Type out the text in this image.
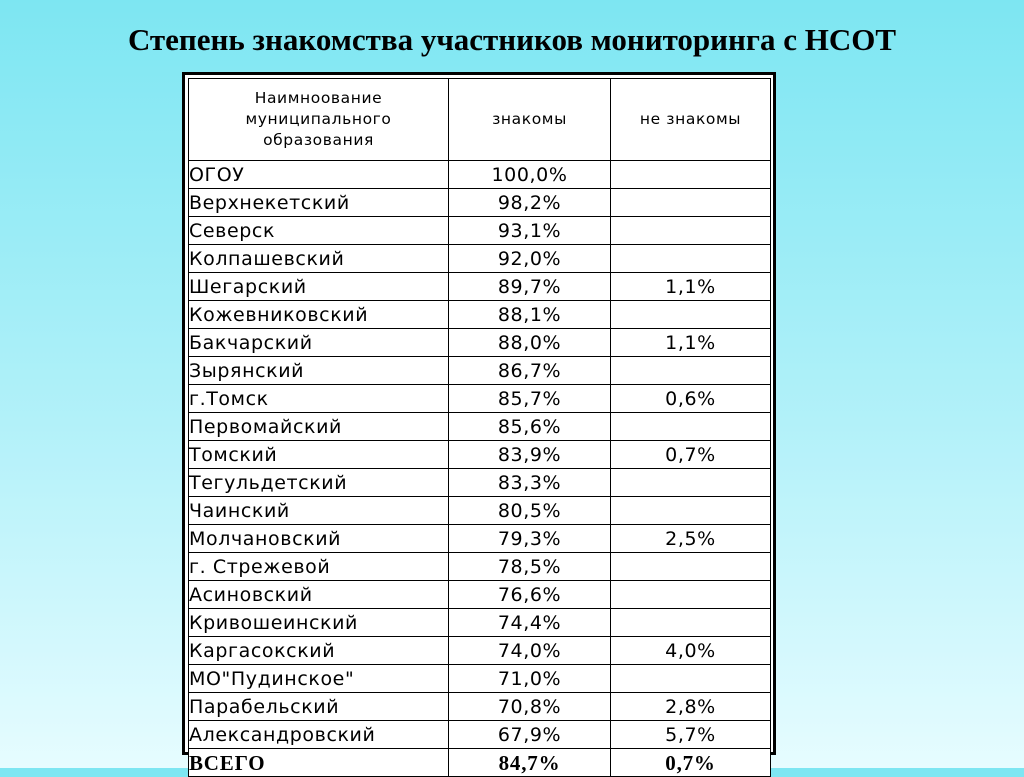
Степень знакомства участников мониторинга с НСОТ
Наимноование муниципального образования	знакомы	не знакомы
ОГОУ	100,0%	
Верхнекетский	98,2%	
Северск	93,1%	
Колпашевский	92,0%	
Шегарский	89,7%	1,1%
Кожевниковский	88,1%	
Бакчарский	88,0%	1,1%
Зырянский	86,7%	
г.Томск	85,7%	0,6%
Первомайский	85,6%	
Томский	83,9%	0,7%
Тегульдетский	83,3%	
Чаинский	80,5%	
Молчановский	79,3%	2,5%
г. Стрежевой	78,5%	
Асиновский	76,6%	
Кривошеинский	74,4%	
Каргасокский	74,0%	4,0%
МО"Пудинское"	71,0%	
Парабельский	70,8%	2,8%
Александровский	67,9%	5,7%
ВСЕГО	84,7%	0,7%
